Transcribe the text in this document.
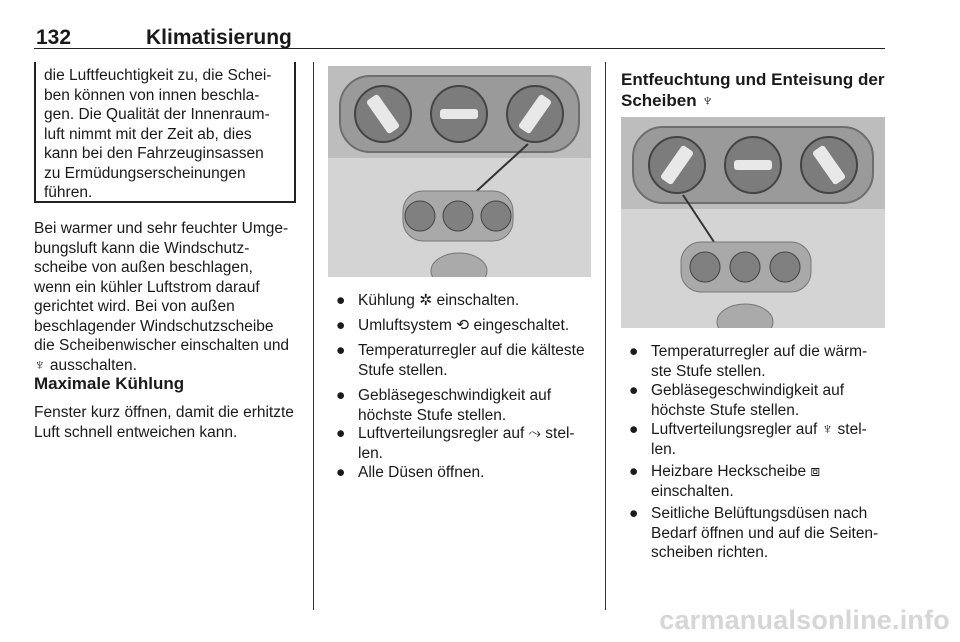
132	Klimatisierung

die Luftfeuchtigkeit zu, die Schei-
ben können von innen beschla-
gen. Die Qualität der Innenraum-
luft nimmt mit der Zeit ab, dies
kann bei den Fahrzeuginsassen
zu Ermüdungserscheinungen
führen.

Bei warmer und sehr feuchter Umge-
bungsluft kann die Windschutz-
scheibe von außen beschlagen,
wenn ein kühler Luftstrom darauf
gerichtet wird. Bei von außen
beschlagender Windschutzscheibe
die Scheibenwischer einschalten und
♆ ausschalten.

Maximale Kühlung

Fenster kurz öffnen, damit die erhitzte
Luft schnell entweichen kann.

● Kühlung ✲ einschalten.
● Umluftsystem ⟲ eingeschaltet.
● Temperaturregler auf die kälteste
Stufe stellen.
● Gebläsegeschwindigkeit auf
höchste Stufe stellen.
● Luftverteilungsregler auf ⤳ stel-
len.
● Alle Düsen öffnen.

Entfeuchtung und Enteisung der
Scheiben ♆

● Temperaturregler auf die wärm-
ste Stufe stellen.
● Gebläsegeschwindigkeit auf
höchste Stufe stellen.
● Luftverteilungsregler auf ♆ stel-
len.
● Heizbare Heckscheibe ⧈
einschalten.
● Seitliche Belüftungsdüsen nach
Bedarf öffnen und auf die Seiten-
scheiben richten.
carmanualsonline.info
